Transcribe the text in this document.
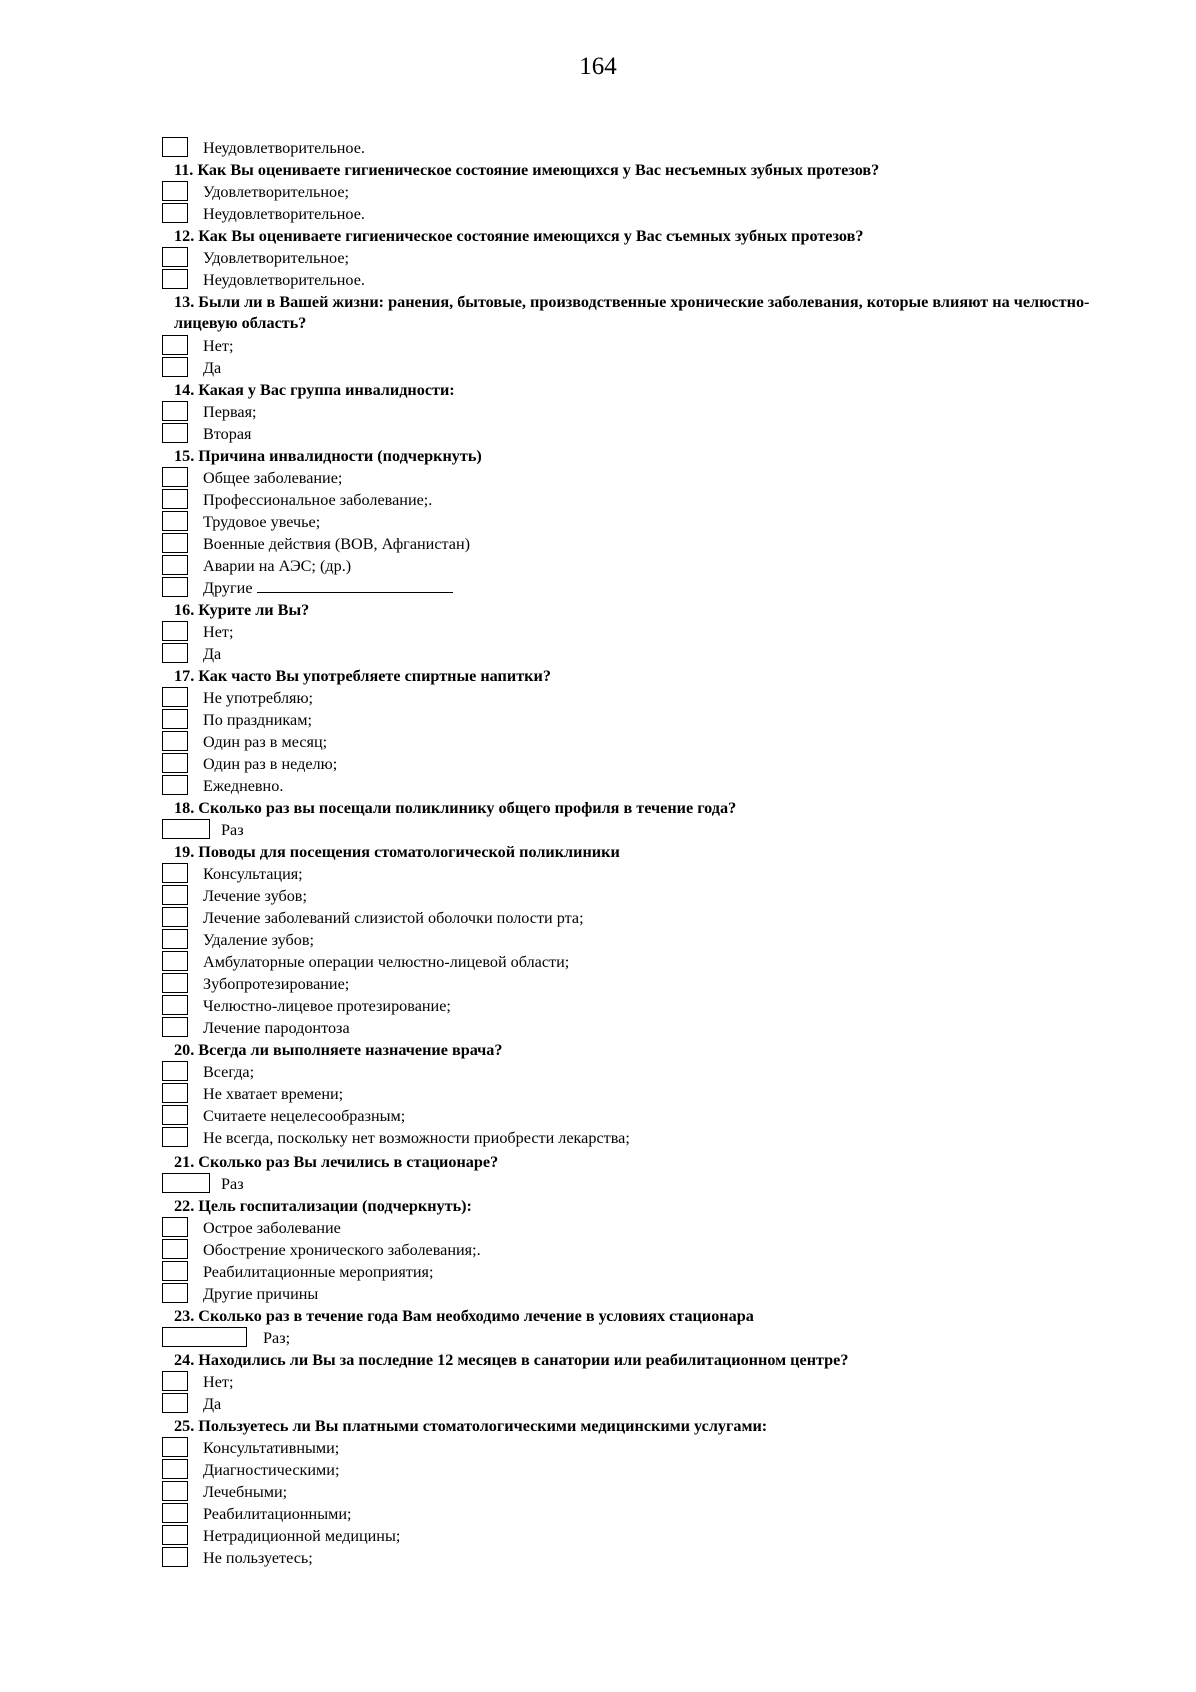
164
Неудовлетворительное.
11. Как Вы оцениваете гигиеническое состояние имеющихся у Вас несъемных зубных протезов?
Удовлетворительное;
Неудовлетворительное.
12. Как Вы оцениваете гигиеническое состояние имеющихся у Вас съемных зубных протезов?
Удовлетворительное;
Неудовлетворительное.
13. Были ли в Вашей жизни: ранения, бытовые, производственные хронические заболевания, которые влияют на челюстно-лицевую область?
Нет;
Да
14. Какая у Вас группа инвалидности:
Первая;
Вторая
15. Причина инвалидности (подчеркнуть)
Общее заболевание;
Профессиональное заболевание;.
Трудовое увечье;
Военные действия (ВОВ, Афганистан)
Аварии на АЭС; (др.)
Другие
16. Курите ли Вы?
Нет;
Да
17. Как часто Вы употребляете спиртные напитки?
Не употребляю;
По праздникам;
Один раз в месяц;
Один раз в неделю;
Ежедневно.
18. Сколько раз вы посещали поликлинику общего профиля в течение года?
Раз
19. Поводы для посещения стоматологической поликлиники
Консультация;
Лечение зубов;
Лечение заболеваний слизистой оболочки полости рта;
Удаление зубов;
Амбулаторные операции челюстно-лицевой области;
Зубопротезирование;
Челюстно-лицевое протезирование;
Лечение пародонтоза
20. Всегда ли выполняете назначение врача?
Всегда;
Не хватает времени;
Считаете нецелесообразным;
Не всегда, поскольку нет возможности приобрести лекарства;
21. Сколько раз Вы лечились в стационаре?
Раз
22. Цель госпитализации (подчеркнуть):
Острое заболевание
Обострение хронического заболевания;.
Реабилитационные мероприятия;
Другие причины
23. Сколько раз в течение года Вам необходимо лечение в условиях стационара
Раз;
24. Находились ли Вы за последние 12 месяцев в санатории или реабилитационном центре?
Нет;
Да
25. Пользуетесь ли Вы платными стоматологическими медицинскими услугами:
Консультативными;
Диагностическими;
Лечебными;
Реабилитационными;
Нетрадиционной медицины;
Не пользуетесь;
